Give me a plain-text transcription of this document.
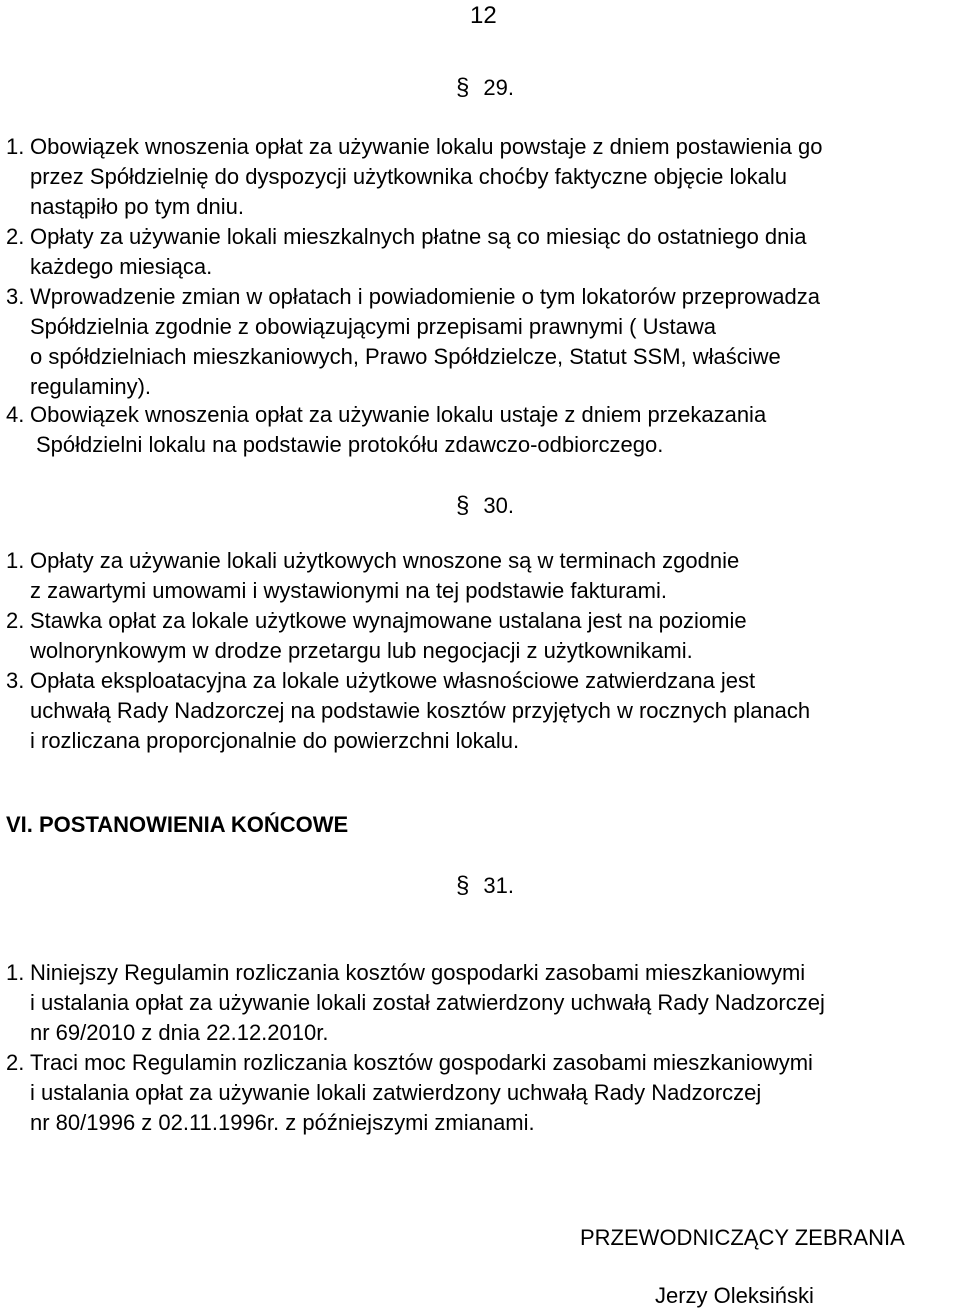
12
§ 29.
1. Obowiązek wnoszenia opłat za używanie lokalu powstaje z dniem postawienia go
przez Spółdzielnię do dyspozycji użytkownika choćby faktyczne objęcie lokalu
nastąpiło po tym dniu.
2. Opłaty za używanie lokali mieszkalnych płatne są co miesiąc do ostatniego dnia
każdego miesiąca.
3. Wprowadzenie zmian w opłatach i powiadomienie o tym lokatorów przeprowadza
Spółdzielnia zgodnie z obowiązującymi przepisami prawnymi ( Ustawa
o spółdzielniach mieszkaniowych, Prawo Spółdzielcze, Statut SSM, właściwe
regulaminy).
4. Obowiązek wnoszenia opłat za używanie lokalu ustaje z dniem przekazania
Spółdzielni lokalu na podstawie protokółu zdawczo-odbiorczego.
§ 30.
1. Opłaty za używanie lokali użytkowych wnoszone są w terminach zgodnie
z zawartymi umowami i wystawionymi na tej podstawie fakturami.
2. Stawka opłat za lokale użytkowe wynajmowane ustalana jest na poziomie
wolnorynkowym w drodze przetargu lub negocjacji z użytkownikami.
3. Opłata eksploatacyjna za lokale użytkowe własnościowe zatwierdzana jest
uchwałą Rady Nadzorczej na podstawie kosztów przyjętych w rocznych planach
i rozliczana proporcjonalnie do powierzchni lokalu.
VI. POSTANOWIENIA KOŃCOWE
§ 31.
1. Niniejszy Regulamin rozliczania kosztów gospodarki zasobami mieszkaniowymi
i ustalania opłat za używanie lokali został zatwierdzony uchwałą Rady Nadzorczej
nr 69/2010 z dnia 22.12.2010r.
2. Traci moc Regulamin rozliczania kosztów gospodarki zasobami mieszkaniowymi
i ustalania opłat za używanie lokali zatwierdzony uchwałą Rady Nadzorczej
nr 80/1996 z 02.11.1996r. z późniejszymi zmianami.
PRZEWODNICZĄCY ZEBRANIA
Jerzy Oleksiński
